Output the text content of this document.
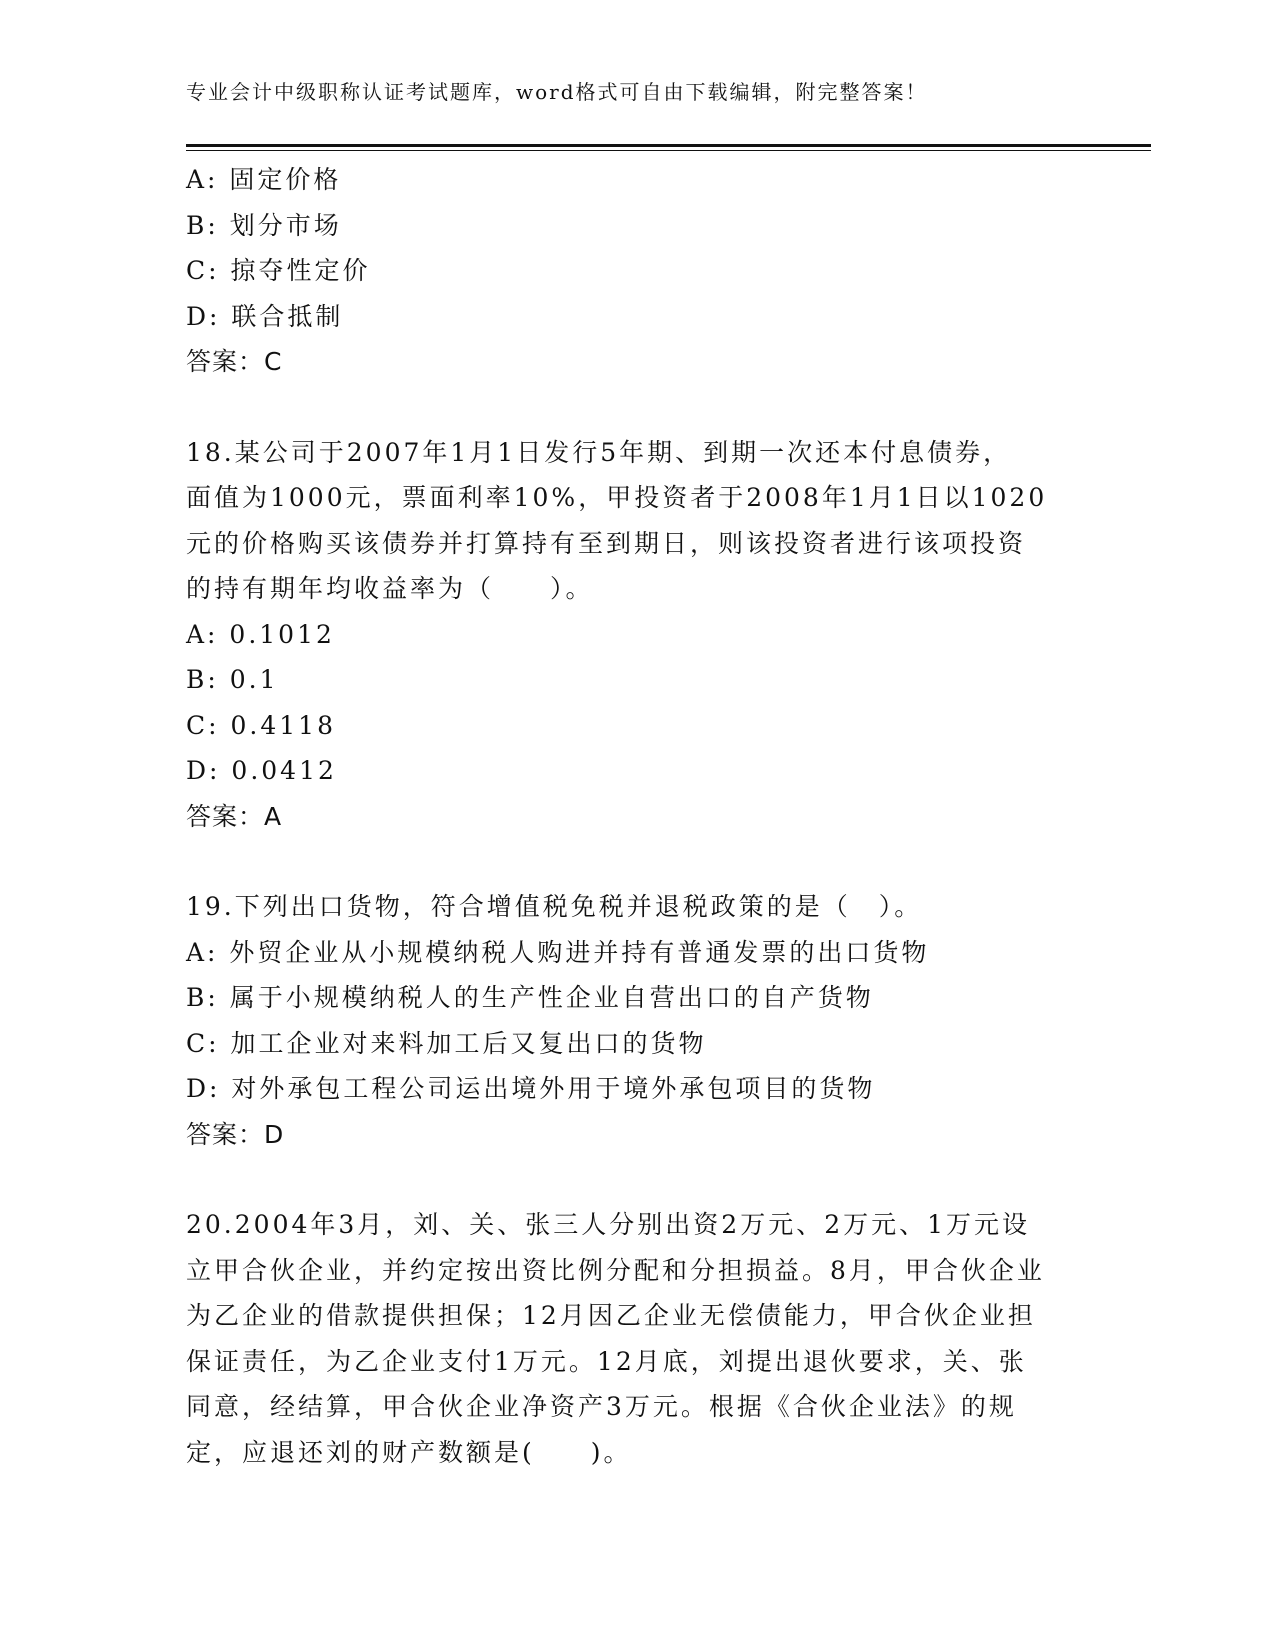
专业会计中级职称认证考试题库，word格式可自由下载编辑，附完整答案！
A: 固定价格
B: 划分市场
C: 掠夺性定价
D: 联合抵制
答案：C
18.某公司于2007年1月1日发行5年期、到期一次还本付息债券，
面值为1000元，票面利率10%，甲投资者于2008年1月1日以1020
元的价格购买该债券并打算持有至到期日，则该投资者进行该项投资
的持有期年均收益率为（　　）。
A: 0.1012
B: 0.1
C: 0.4118
D: 0.0412
答案：A
19.下列出口货物，符合增值税免税并退税政策的是（　）。
A: 外贸企业从小规模纳税人购进并持有普通发票的出口货物
B: 属于小规模纳税人的生产性企业自营出口的自产货物
C: 加工企业对来料加工后又复出口的货物
D: 对外承包工程公司运出境外用于境外承包项目的货物
答案：D
20.2004年3月，刘、关、张三人分别出资2万元、2万元、1万元设
立甲合伙企业，并约定按出资比例分配和分担损益。8月，甲合伙企业
为乙企业的借款提供担保；12月因乙企业无偿债能力，甲合伙企业担
保证责任，为乙企业支付1万元。12月底，刘提出退伙要求，关、张
同意，经结算，甲合伙企业净资产3万元。根据《合伙企业法》的规
定，应退还刘的财产数额是(　　)。
